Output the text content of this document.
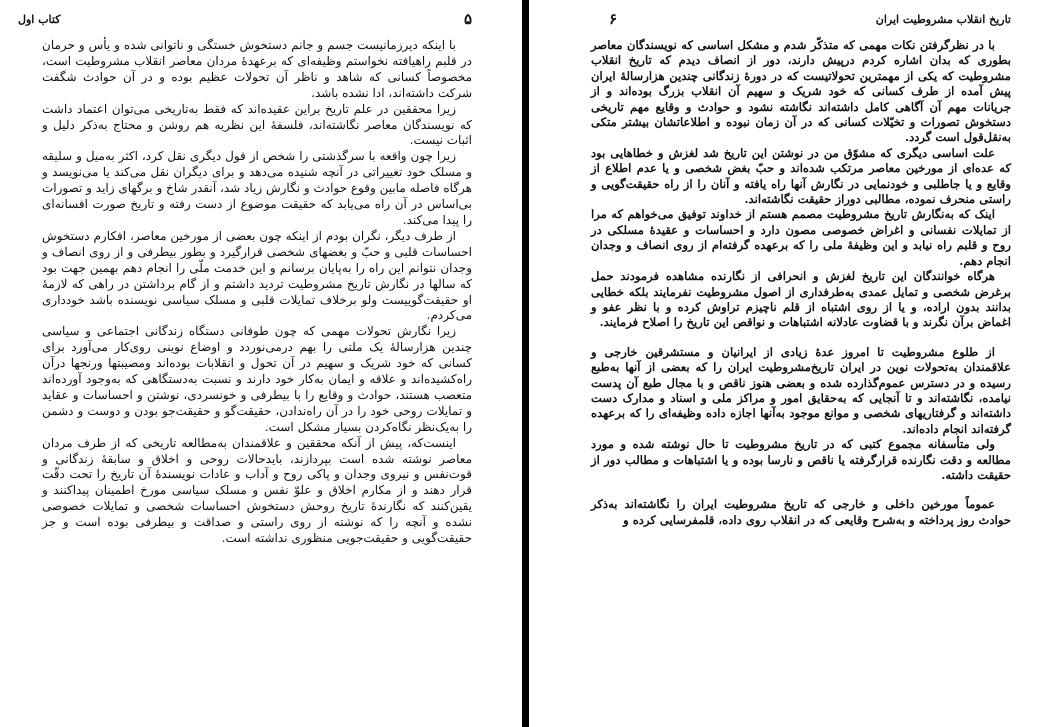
۵
کتاب اول

با اینکه دیرزمانیست جسم و جانم دستخوش خستگی و ناتوانی شده و یأس و حرمان در قلبم راهیافته نخواستم وظیفه‌ای که برعهدهٔ مردان معاصر انقلاب مشروطیت است، مخصوصاً کسانی که شاهد و ناظر آن تحولات عظیم بوده و در آن حوادث شگفت شرکت داشته‌اند، ادا نشده باشد.

زیرا محققین در علم تاریخ براین عقیده‌اند که فقط به‌تاریخی می‌توان اعتماد داشت که نویسندگان معاصر نگاشته‌اند، فلسفهٔ این نظریه هم روشن و محتاج به‌ذکر دلیل و اثبات نیست.

زیرا چون واقعه با سرگذشتی را شخص از قول دیگری نقل کرد، اکثر به‌میل و سلیقه و مسلک خود تغییراتی در آنچه شنیده می‌دهد و برای دیگران نقل می‌کند یا می‌نویسد و هرگاه فاصله مابین وقوع حوادث و نگارش زیاد شد، آنقدر شاخ و برگهای زاید و تصورات بی‌اساس در آن راه می‌یابد که حقیقت موضوع از دست رفته و تاریخ صورت افسانه‌ای را پیدا می‌کند.

از طرف دیگر، نگران بودم از اینکه چون بعضی از مورخین معاصر، افکارم دستخوش احساسات قلبی و حبّ و بغضهای شخصی قرارگیرد و بطور بیطرفی و از روی انصاف و وجدان نتوانم این راه را به‌پایان برسانم و این خدمت ملّی را انجام دهم بهمین جهت بود که سالها در نگارش تاریخ مشروطیت تردید داشتم و از گام برداشتن در راهی که لازمهٔ او حقیقت‌گوییست ولو برخلاف تمایلات قلبی و مسلک سیاسی نویسنده باشد خودداری می‌کردم.

زیرا نگارش تحولات مهمی که چون طوفانی دستگاه زندگانی اجتماعی و سیاسی چندین هزارسالهٔ یک ملتی را بهم درمی‌نوردد و اوضاع نوینی روی‌کار می‌آورد برای کسانی که خود شریک و سهیم در آن تحول و انقلابات بوده‌اند ومصیبتها ورنجها درآن راه‌کشیده‌اند و علاقه و ایمان به‌کار خود دارند و نسبت به‌دستگاهی که به‌وجود آورده‌اند متعصب هستند، حوادث و وقایع را با بیطرفی و خونسردی، نوشتن و احساسات و عقاید و تمایلات روحی خود را در آن راه‌ندادن، حقیقت‌گو و حقیقت‌جو بودن و دوست و دشمن را به‌یک‌نظر نگاه‌کردن بسیار مشکل است.

اینست‌که، پیش از آنکه محققین و علاقمندان به‌مطالعه تاریخی که از طرف مردان معاصر نوشته شده است بپردازند، بایدحالات روحی و اخلاق و سابقهٔ زندگانی و قوت‌نفس و نیروی وجدان و پاکی روح و آداب و عادات نویسندهٔ آن تاریخ را تحت دقّت قرار دهند و از مکارم اخلاق و علوّ نفس و مسلک سیاسی مورخ اطمینان پیدا‌کنند و یقین‌کنند که نگارندهٔ تاریخ روحش دستخوش احساسات شخصی و تمایلات خصوصی نشده و آنچه را که نوشته از روی راستی و صداقت و بیطرفی بوده است و جز حقیقت‌گویی و حقیقت‌جویی منظوری نداشته است.

تاریخ انقلاب مشروطیت ایران
۶

با در نظرگرفتن نکات مهمی که متذکّر شدم و مشکل اساسی که نویسندگان معاصر بطوری که بدان اشاره کردم درپیش دارند، دور از انصاف دیدم که تاریخ انقلاب مشروطیت که یکی از مهمترین تحولاتیست که در دورهٔ زندگانی چندین هزارسالهٔ ایران پیش آمده از طرف کسانی که خود شریک و سهیم آن انقلاب بزرگ بوده‌اند و از جریانات مهم آن آگاهی کامل داشته‌اند نگاشته نشود و حوادث و وقایع مهم تاریخی دستخوش تصورات و تخیّلات کسانی که در آن زمان نبوده و اطلاعاتشان بیشتر متکی به‌نقل‌قول است گردد.

علت اساسی دیگری که مشوّق من در نوشتن این تاریخ شد لغزش و خطاهایی بود که عده‌ای از مورخین معاصر مرتکب شده‌اند و حبّ‌ بغض شخصی و یا عدم اطلاع از وقایع و یا جاطلبی و خودنمایی در نگارش آنها راه یافته و آنان را از راه حقیقت‌گویی و راستی منحرف نموده، مطالبی دوراز حقیقت نگاشته‌اند.

اینک که به‌نگارش تاریخ مشروطیت مصمم هستم از خداوند توفیق می‌خواهم که مرا از تمایلات نفسانی و اغراض خصوصی مصون دارد و احساسات و عقیدهٔ مسلکی در روح و قلبم راه نیابد و این وظیفهٔ ملی را که برعهده گرفته‌ام از روی انصاف و وجدان انجام دهم.

هرگاه خوانندگان این تاریخ لغزش و انحرافی از نگارنده مشاهده فرمودند حمل برغرض شخصی و تمایل عمدی به‌طرفداری از اصول مشروطیت نفرمایند بلکه خطایی بدانند بدون اراده، و یا از روی اشتباه از قلم ناچیزم تراوش کرده و با نظر عفو و اغماض برآن نگرند و با قضاوت عادلانه اشتباهات و نواقص این تاریخ را اصلاح فرمایند.

از طلوع مشروطیت تا امروز عدهٔ زیادی از ایرانیان و مستشرقین خارجی و علاقمندان به‌تحولات نوین در ایران تاریخ‌مشروطیت ایران را که بعضی از آنها به‌طبع رسیده و در دسترس عموم‌گذارده شده و بعضی هنوز ناقص و با مجال طبع آن پدست نیامده، نگاشته‌اند و تا آنجایی که به‌حقایق امور و مراکز ملی و اسناد و مدارک دست داشته‌اند و گرفتاریهای شخصی و موانع موجود به‌آنها اجازه داده وظیفه‌ای را که برعهده گرفته‌اند انجام داده‌اند.

ولی متأسفانه مجموع کتبی که در تاریخ مشروطیت تا حال نوشته شده و مورد مطالعه و دقت نگارنده قرارگرفته یا ناقص و نارسا بوده و یا اشتباهات و مطالب دور از حقیقت داشته.

عموماً مورخین داخلی و خارجی که تاریخ مشروطیت ایران را نگاشته‌اند به‌ذکر حوادث روز پرداخته و به‌شرح وقایعی که در انقلاب روی داده، قلمفرسایی کرده و
